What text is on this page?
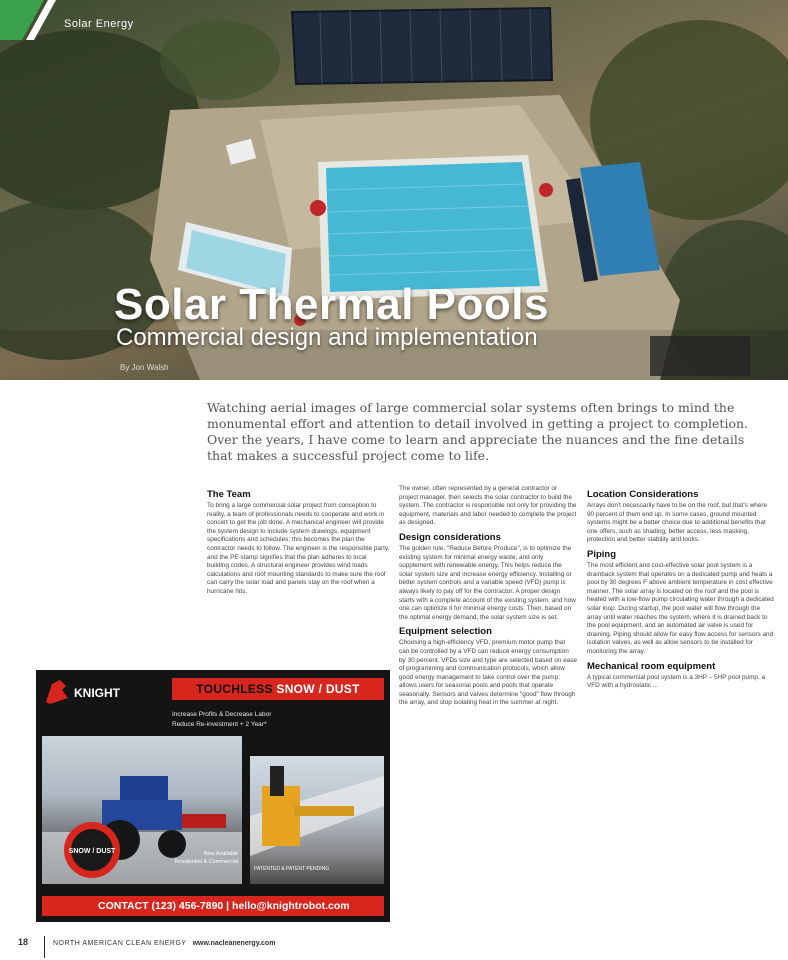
Solar Energy
Solar Thermal Pools
Commercial design and implementation
By Jon Walsh

Watching aerial images of large commercial solar systems often brings to mind the monumental effort and attention to detail involved in getting a project to completion. Over the years, I have come to learn and appreciate the nuances and the fine details that makes a successful project come to life.

The Team

To bring a large commercial solar project from conception to reality, a team of professionals needs to cooperate and work in concert to get the job done. A mechanical engineer will provide the system design to include system drawings, equipment specifications and schedules; this becomes the plan the contractor needs to follow. The engineer is the responsible party, and the PE stamp signifies that the plan adheres to local building codes. A structural engineer provides wind loads calculations and roof mounting standards to make sure the roof can carry the solar load and panels stay on the roof when a hurricane hits.

The owner, often represented by a general contractor or project manager, then selects the solar contractor to build the system. The contractor is responsible not only for providing the equipment, materials and labor needed to complete the project as designed.

Design considerations

The golden rule, "Reduce Before Produce", is to optimize the existing system for minimal energy waste, and only supplement with renewable energy. This helps reduce the solar system size and increase energy efficiency. Installing or better system controls and a variable speed (VFD) pump is always likely to pay off for the contractor. A proper design starts with a complete account of the existing system, and how one can optimize it for minimal energy costs. Then, based on the optimal energy demand, the solar system size is set.

Equipment selection

Choosing a high-efficiency VFD, premium motor pump that can be controlled by a VFD can reduce energy consumption by 30 percent. VFDs size and type are selected based on ease of programming and communication protocols, which allow good energy management to take control over the pump; allows users for seasonal pools and pools that operate seasonally. Sensors and valves determine "good" flow through the array, and stop isolating heat in the summer at night.

Location Considerations

Arrays don't necessarily have to be on the roof, but that's where 90 percent of them end up. In some cases, ground mounted systems might be a better choice due to additional benefits that one offers, such as shading, better access, less masking, protection and better stability and looks.

Piping

The most efficient and cost-effective solar pool system is a drainback system that operates on a dedicated pump and heats a pool by 30 degrees F above ambient temperature in cost effective manner. The solar array is located on the roof and the pool is heated with a low-flow pump circulating water through a dedicated solar loop. During startup, the pool water will flow through the array until water reaches the system, where it is drained back to the pool equipment, and an automated air valve is used for draining. Piping should allow for easy flow access for sensors and isolation valves, as well as allow sensors to be installed for monitoring the array.

Mechanical room equipment

A typical commercial pool system is a 3HP – 5HP pool pump, a VFD with a hydrostatic ...

KNIGHT	TOUCHLESS SNOW / DUST REMOVAL
Increase Profits & Decrease Labor
Reduce Re-investment + 2 Year*
SNOW / DUST	Now Available
Residential & Commercial
PATENTED & PATENT PENDING
CONTACT (123) 456-7890 | hello@knightrobot.com
18	NORTH AMERICAN CLEAN ENERGY www.nacleanenergy.com
